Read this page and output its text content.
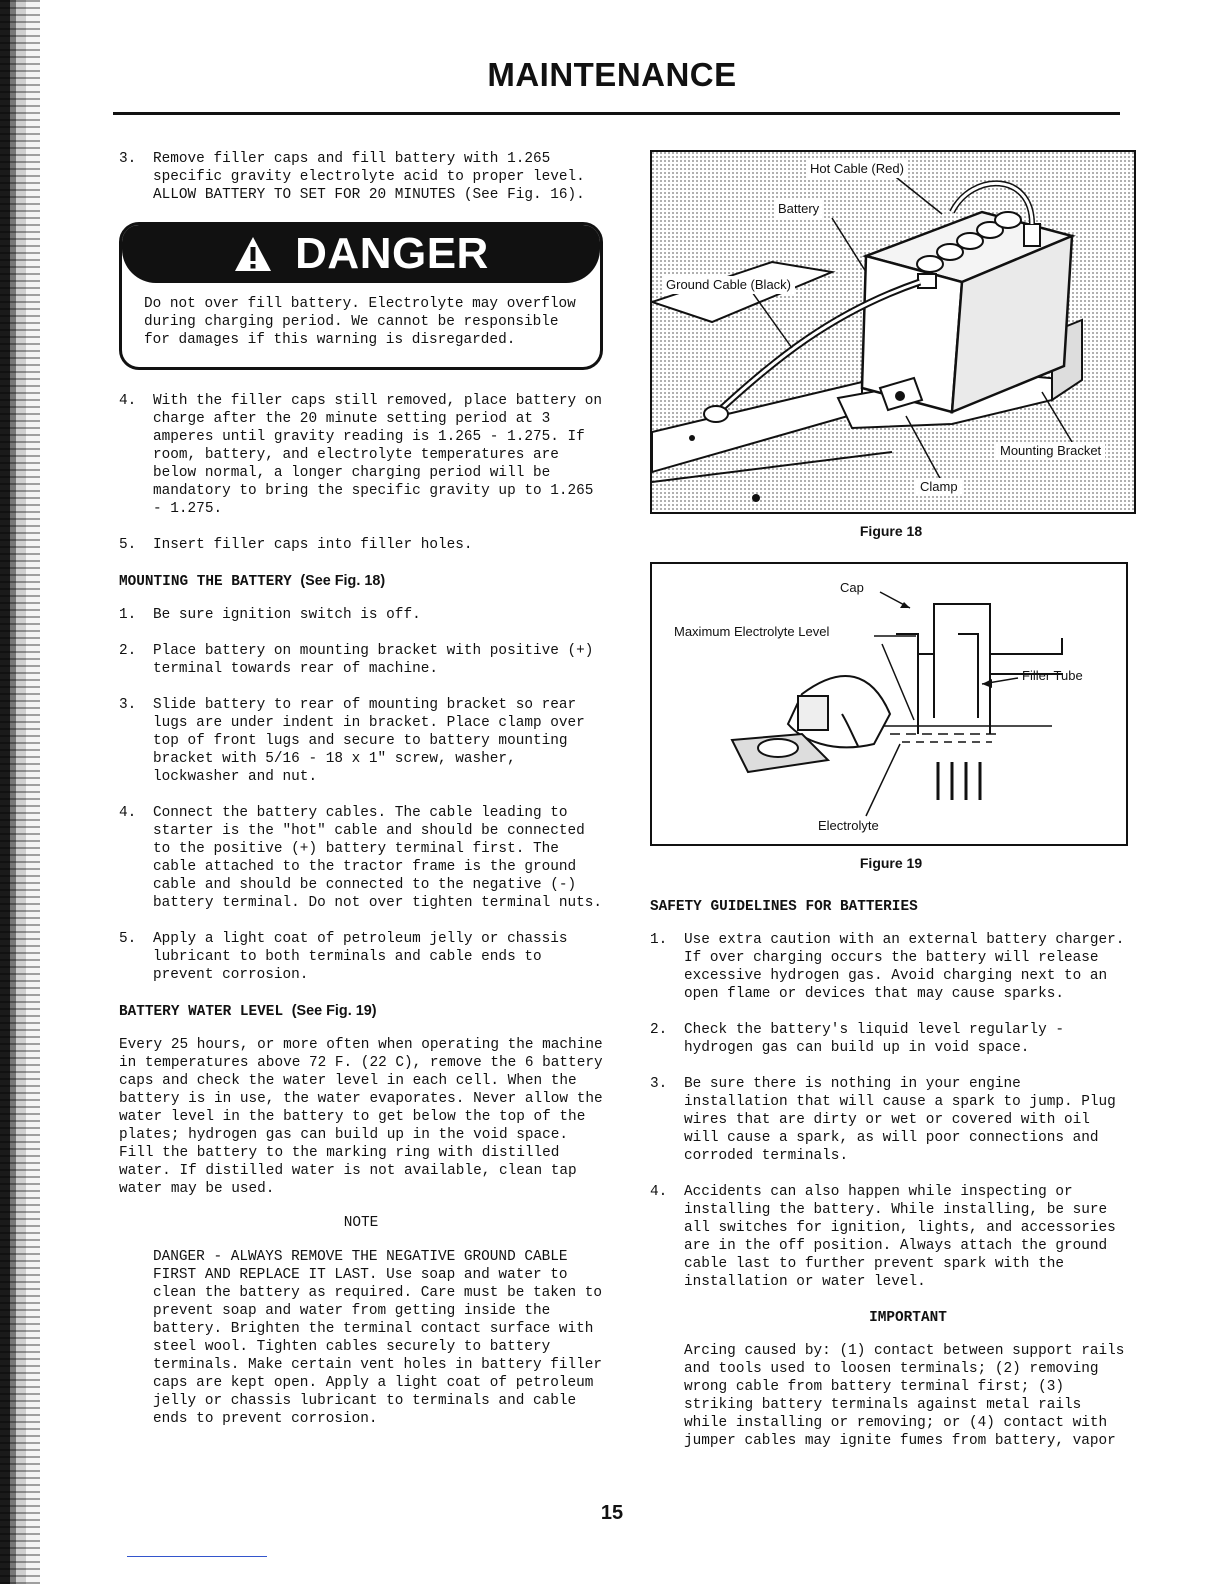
MAINTENANCE
3.	Remove filler caps and fill battery with 1.265 specific gravity electrolyte acid to proper level. ALLOW BATTERY TO SET FOR 20 MINUTES (See Fig. 16).
DANGER
Do not over fill battery. Electrolyte may overflow during charging period. We cannot be responsible for damages if this warning is disregarded.
4.	With the filler caps still removed, place battery on charge after the 20 minute setting period at 3 amperes until gravity reading is 1.265 - 1.275. If room, battery, and electrolyte temperatures are below normal, a longer charging period will be mandatory to bring the specific gravity up to 1.265 - 1.275.
5.	Insert filler caps into filler holes.
MOUNTING THE BATTERY (See Fig. 18)
1.	Be sure ignition switch is off.
2.	Place battery on mounting bracket with positive (+) terminal towards rear of machine.
3.	Slide battery to rear of mounting bracket so rear lugs are under indent in bracket. Place clamp over top of front lugs and secure to battery mounting bracket with 5/16 - 18 x 1" screw, washer, lockwasher and nut.
4.	Connect the battery cables. The cable leading to starter is the "hot" cable and should be connected to the positive (+) battery terminal first. The cable attached to the tractor frame is the ground cable and should be connected to the negative (-) battery terminal. Do not over tighten terminal nuts.
5.	Apply a light coat of petroleum jelly or chassis lubricant to both terminals and cable ends to prevent corrosion.
BATTERY WATER LEVEL (See Fig. 19)
Every 25 hours, or more often when operating the machine in temperatures above 72 F. (22 C), remove the 6 battery caps and check the water level in each cell. When the battery is in use, the water evaporates. Never allow the water level in the battery to get below the top of the plates; hydrogen gas can build up in the void space. Fill the battery to the marking ring with distilled water. If distilled water is not available, clean tap water may be used.
NOTE
DANGER - ALWAYS REMOVE THE NEGATIVE GROUND CABLE FIRST AND REPLACE IT LAST. Use soap and water to clean the battery as required. Care must be taken to prevent soap and water from getting inside the battery. Brighten the terminal contact surface with steel wool. Tighten cables securely to battery terminals. Make certain vent holes in battery filler caps are kept open. Apply a light coat of petroleum jelly or chassis lubricant to terminals and cable ends to prevent corrosion.
Hot Cable (Red)
Battery
Ground Cable (Black)
Mounting Bracket
Clamp
Figure 18
Cap
Maximum Electrolyte Level
Filler Tube
Electrolyte
Figure 19
SAFETY GUIDELINES FOR BATTERIES
1.	Use extra caution with an external battery charger. If over charging occurs the battery will release excessive hydrogen gas. Avoid charging next to an open flame or devices that may cause sparks.
2.	Check the battery's liquid level regularly - hydrogen gas can build up in void space.
3.	Be sure there is nothing in your engine installation that will cause a spark to jump. Plug wires that are dirty or wet or covered with oil will cause a spark, as will poor connections and corroded terminals.
4.	Accidents can also happen while inspecting or installing the battery. While installing, be sure all switches for ignition, lights, and accessories are in the off position. Always attach the ground cable last to further prevent spark with the installation or water level.
IMPORTANT
Arcing caused by: (1) contact between support rails and tools used to loosen terminals; (2) removing wrong cable from battery terminal first; (3) striking battery terminals against metal rails while installing or removing; or (4) contact with jumper cables may ignite fumes from battery, vapor
15
